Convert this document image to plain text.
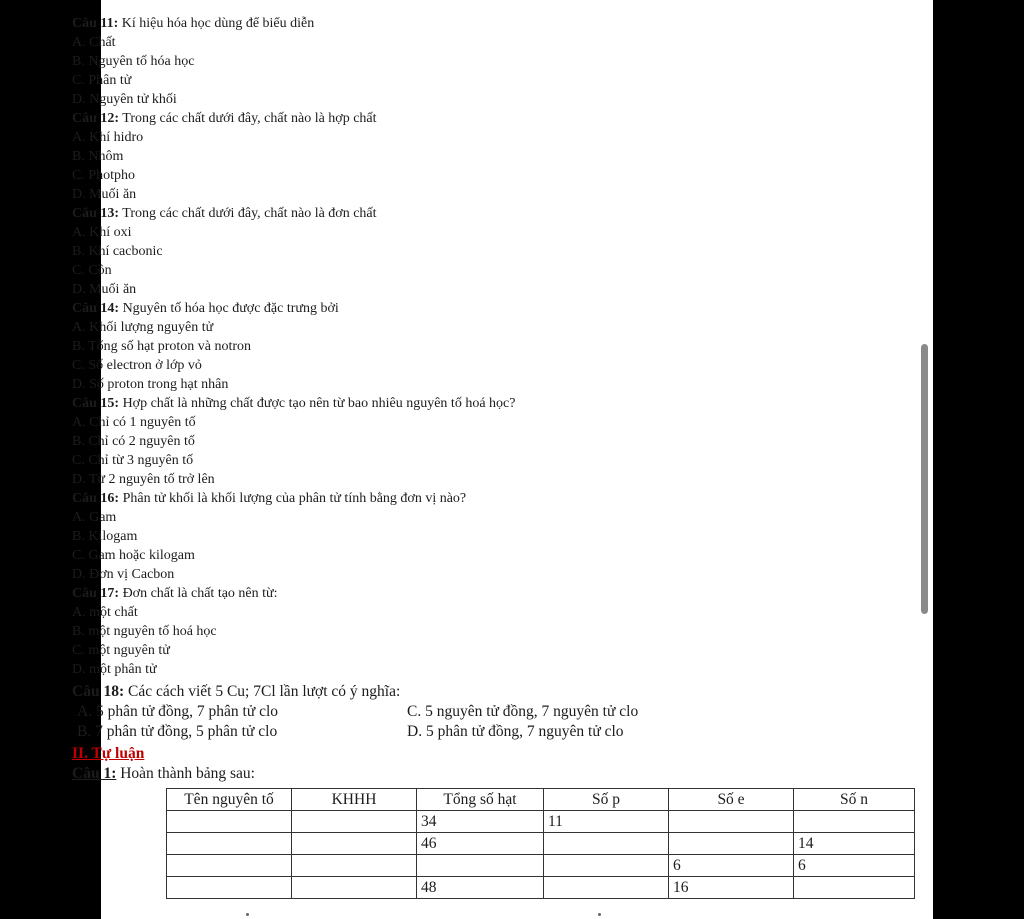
Câu 11: Kí hiệu hóa học dùng để biểu diễn
A. Chất
B. Nguyên tố hóa học
C. Phân tử
D. Nguyên tử khối
Câu 12: Trong các chất dưới đây, chất nào là hợp chất
A. Khí hidro
B. Nhôm
C. Photpho
D. Muối ăn
Câu 13: Trong các chất dưới đây, chất nào là đơn chất
A. Khí oxi
B. Khí cacbonic
C. Cồn
D. Muối ăn
Câu 14: Nguyên tố hóa học được đặc trưng bởi
A. Khối lượng nguyên tử
B. Tổng số hạt proton và notron
C. Số electron ở lớp vỏ
D. Số proton trong hạt nhân
Câu 15: Hợp chất là những chất được tạo nên từ bao nhiêu nguyên tố hoá học?
A. Chỉ có 1 nguyên tố
B. Chỉ có 2 nguyên tố
C. Chỉ từ 3 nguyên tố
D. Từ 2 nguyên tố trở lên
Câu 16: Phân tử khối là khối lượng của phân tử tính bằng đơn vị nào?
A. Gam
B. Kilogam
C. Gam hoặc kilogam
D. Đơn vị Cacbon
Câu 17: Đơn chất là chất tạo nên từ:
A. một chất
B. một nguyên tố hoá học
C. một nguyên tử
D. một phân tử
Câu 18: Các cách viết 5 Cu; 7Cl lần lượt có ý nghĩa:
A. 5 phân tử đồng, 7 phân tử clo	C. 5 nguyên tử đồng, 7 nguyên tử clo
B. 7 phân tử đồng, 5 phân tử clo	D. 5 phân tử đồng, 7 nguyên tử clo
II. Tự luận
Câu 1: Hoàn thành bảng sau:
Tên nguyên tố	KHHH	Tổng số hạt	Số p	Số e	Số n
		34	11		
		46			14
				6	6
		48		16	
